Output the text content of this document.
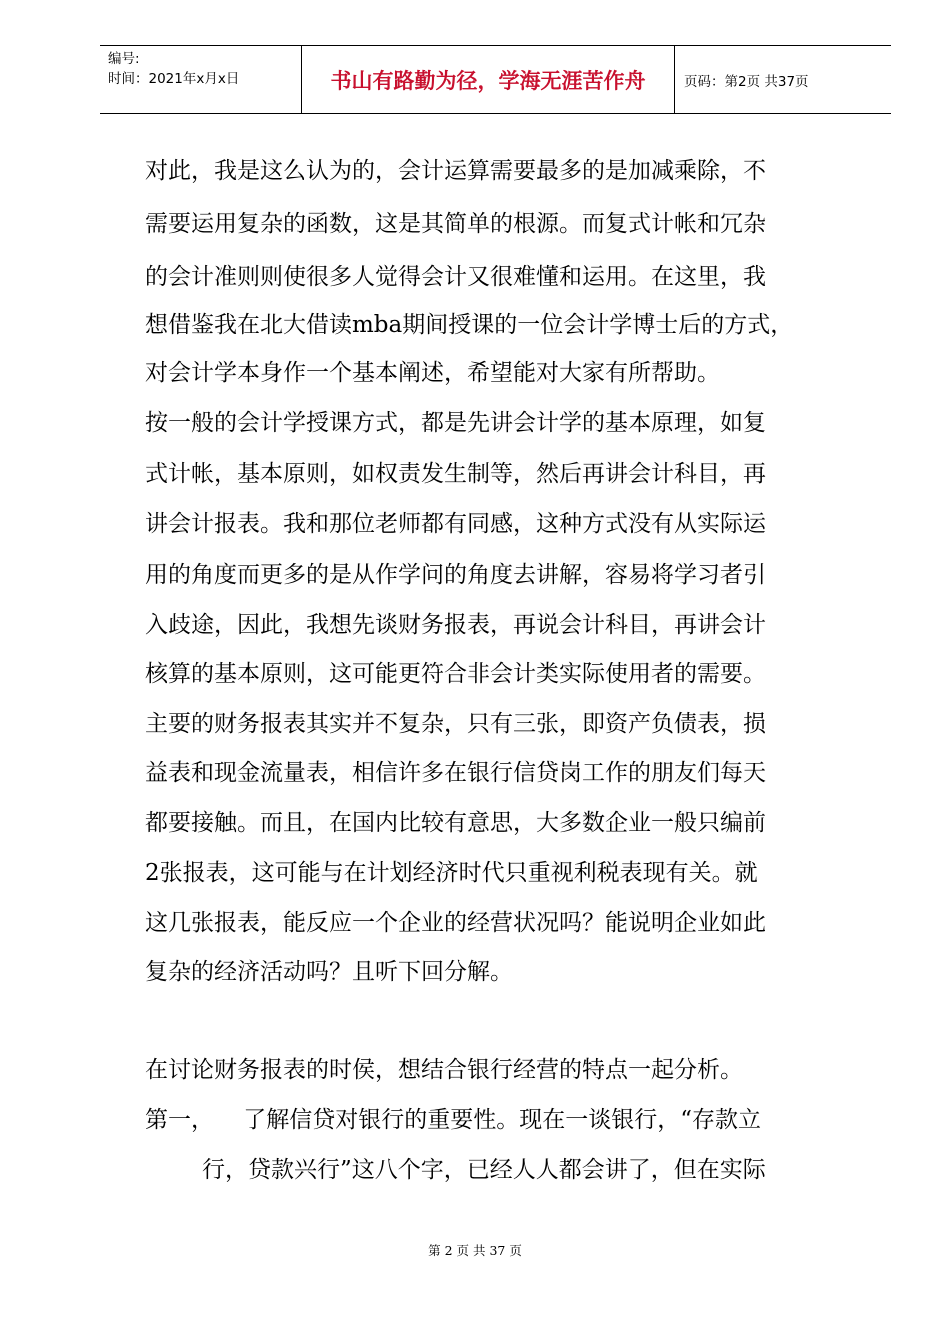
编号:
时间：2021年x月x日	书山有路勤为径，学海无涯苦作舟	页码：第2页 共37页
对此，我是这么认为的，会计运算需要最多的是加减乘除，不
需要运用复杂的函数，这是其简单的根源。而复式计帐和冗杂
的会计准则则使很多人觉得会计又很难懂和运用。在这里，我
想借鉴我在北大借读mba期间授课的一位会计学博士后的方式，
对会计学本身作一个基本阐述，希望能对大家有所帮助。
按一般的会计学授课方式，都是先讲会计学的基本原理，如复
式计帐，基本原则，如权责发生制等，然后再讲会计科目，再
讲会计报表。我和那位老师都有同感，这种方式没有从实际运
用的角度而更多的是从作学问的角度去讲解，容易将学习者引
入歧途，因此，我想先谈财务报表，再说会计科目，再讲会计
核算的基本原则，这可能更符合非会计类实际使用者的需要。
主要的财务报表其实并不复杂，只有三张，即资产负债表，损
益表和现金流量表，相信许多在银行信贷岗工作的朋友们每天
都要接触。而且，在国内比较有意思，大多数企业一般只编前
2张报表，这可能与在计划经济时代只重视利税表现有关。就
这几张报表，能反应一个企业的经营状况吗？能说明企业如此
复杂的经济活动吗？且听下回分解。
在讨论财务报表的时侯，想结合银行经营的特点一起分析。
第一，    了解信贷对银行的重要性。现在一谈银行，“存款立
行，贷款兴行”这八个字，已经人人都会讲了，但在实际
第 2 页 共 37 页
